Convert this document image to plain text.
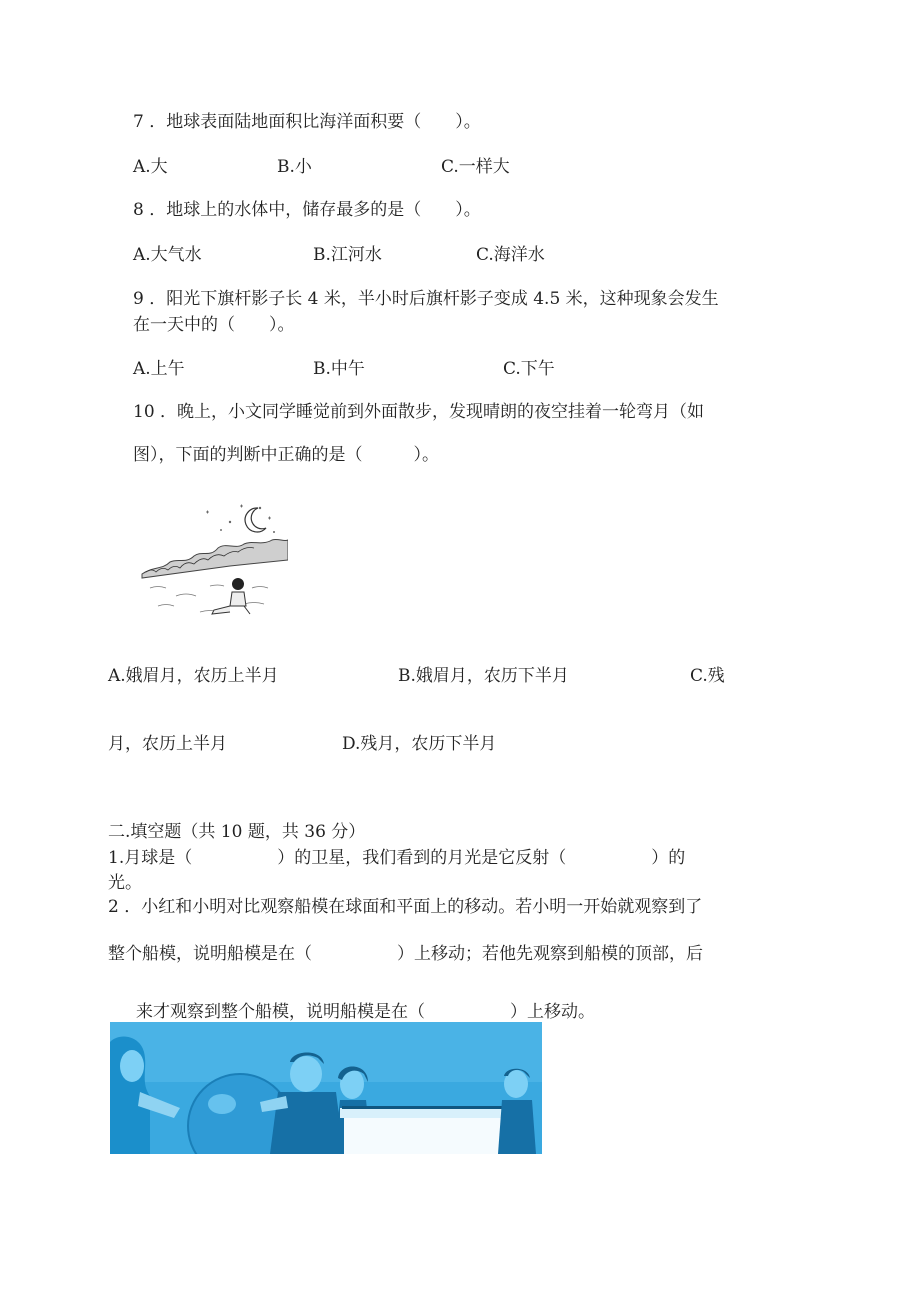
7 ．地球表面陆地面积比海洋面积要（　　）。
A.大	B.小	C.一样大
8 ．地球上的水体中，储存最多的是（　　）。
A.大气水	B.江河水	C.海洋水
9 ．阳光下旗杆影子长 4 米，半小时后旗杆影子变成 4.5 米，这种现象会发生
在一天中的（　　）。
A.上午	B.中午	C.下午
10 ．晚上，小文同学睡觉前到外面散步，发现晴朗的夜空挂着一轮弯月（如
图），下面的判断中正确的是（　　　）。
A.娥眉月，农历上半月	B.娥眉月，农历下半月	C.残
月，农历上半月	D.残月，农历下半月
二.填空题（共 10 题，共 36 分）
1.月球是（　　　　　）的卫星，我们看到的月光是它反射（　　　　　）的
光。
2 ．小红和小明对比观察船模在球面和平面上的移动。若小明一开始就观察到了
整个船模，说明船模是在（　　　　　）上移动；若他先观察到船模的顶部，后
来才观察到整个船模，说明船模是在（　　　　　）上移动。
